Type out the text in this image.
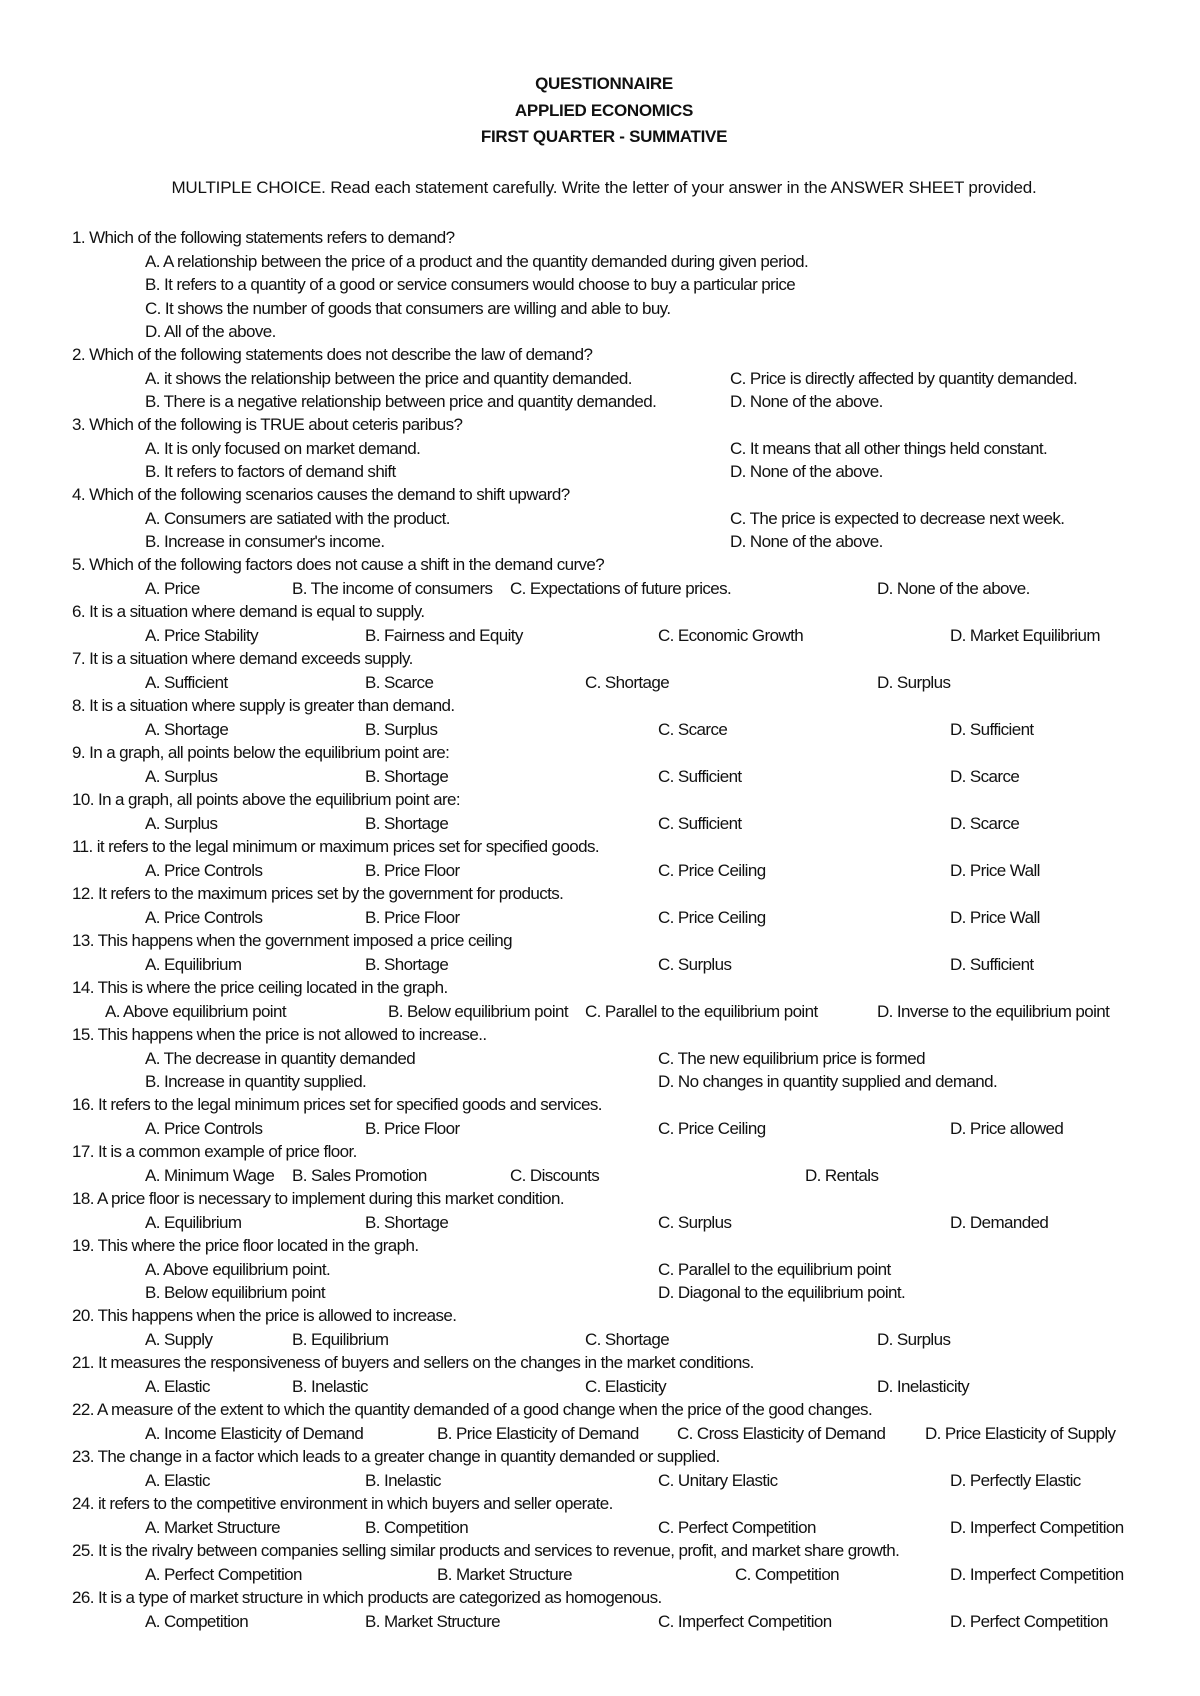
QUESTIONNAIRE
APPLIED ECONOMICS
FIRST QUARTER - SUMMATIVE
MULTIPLE CHOICE. Read each statement carefully. Write the letter of your answer in the ANSWER SHEET provided.
1. Which of the following statements refers to demand?
A. A relationship between the price of a product and the quantity demanded during given period.
B. It refers to a quantity of a good or service consumers would choose to buy a particular price
C. It shows the number of goods that consumers are willing and able to buy.
D. All of the above.
2. Which of the following statements does not describe the law of demand?
A. it shows the relationship between the price and quantity demanded.	C. Price is directly affected by quantity demanded.
B. There is a negative relationship between price and quantity demanded.	D. None of the above.
3. Which of the following is TRUE about ceteris paribus?
A. It is only focused on market demand.	C. It means that all other things held constant.
B. It refers to factors of demand shift	D. None of the above.
4. Which of the following scenarios causes the demand to shift upward?
A. Consumers are satiated with the product.	C. The price is expected to decrease next week.
B. Increase in consumer's income.	D. None of the above.
5. Which of the following factors does not cause a shift in the demand curve?
A. Price	B. The income of consumers C. Expectations of future prices.	D. None of the above.
6. It is a situation where demand is equal to supply.
A. Price Stability	B. Fairness and Equity	C. Economic Growth	D. Market Equilibrium
7. It is a situation where demand exceeds supply.
A. Sufficient	B. Scarce	C. Shortage	D. Surplus
8. It is a situation where supply is greater than demand.
A. Shortage	B. Surplus	C. Scarce	D. Sufficient
9. In a graph, all points below the equilibrium point are:
A. Surplus	B. Shortage	C. Sufficient	D. Scarce
10. In a graph, all points above the equilibrium point are:
A. Surplus	B. Shortage	C. Sufficient	D. Scarce
11. it refers to the legal minimum or maximum prices set for specified goods.
A. Price Controls	B. Price Floor	C. Price Ceiling	D. Price Wall
12. It refers to the maximum prices set by the government for products.
A. Price Controls	B. Price Floor	C. Price Ceiling	D. Price Wall
13. This happens when the government imposed a price ceiling
A. Equilibrium	B. Shortage	C. Surplus	D. Sufficient
14. This is where the price ceiling located in the graph.
A. Above equilibrium point	B. Below equilibrium point C. Parallel to the equilibrium point	D. Inverse to the equilibrium point
15. This happens when the price is not allowed to increase..
A. The decrease in quantity demanded	C. The new equilibrium price is formed
B. Increase in quantity supplied.	D. No changes in quantity supplied and demand.
16. It refers to the legal minimum prices set for specified goods and services.
A. Price Controls	B. Price Floor	C. Price Ceiling	D. Price allowed
17. It is a common example of price floor.
A. Minimum Wage B. Sales Promotion	C. Discounts	D. Rentals
18. A price floor is necessary to implement during this market condition.
A. Equilibrium	B. Shortage	C. Surplus	D. Demanded
19. This where the price floor located in the graph.
A. Above equilibrium point.	C. Parallel to the equilibrium point
B. Below equilibrium point	D. Diagonal to the equilibrium point.
20. This happens when the price is allowed to increase.
A. Supply	B. Equilibrium	C. Shortage	D. Surplus
21. It measures the responsiveness of buyers and sellers on the changes in the market conditions.
A. Elastic	B. Inelastic	C. Elasticity	D. Inelasticity
22. A measure of the extent to which the quantity demanded of a good change when the price of the good changes.
A. Income Elasticity of Demand	B. Price Elasticity of Demand C. Cross Elasticity of Demand D. Price Elasticity of Supply
23. The change in a factor which leads to a greater change in quantity demanded or supplied.
A. Elastic	B. Inelastic	C. Unitary Elastic	D. Perfectly Elastic
24. it refers to the competitive environment in which buyers and seller operate.
A. Market Structure	B. Competition	C. Perfect Competition	D. Imperfect Competition
25. It is the rivalry between companies selling similar products and services to revenue, profit, and market share growth.
A. Perfect Competition	B. Market Structure	C. Competition	D. Imperfect Competition
26. It is a type of market structure in which products are categorized as homogenous.
A. Competition	B. Market Structure	C. Imperfect Competition	D. Perfect Competition
